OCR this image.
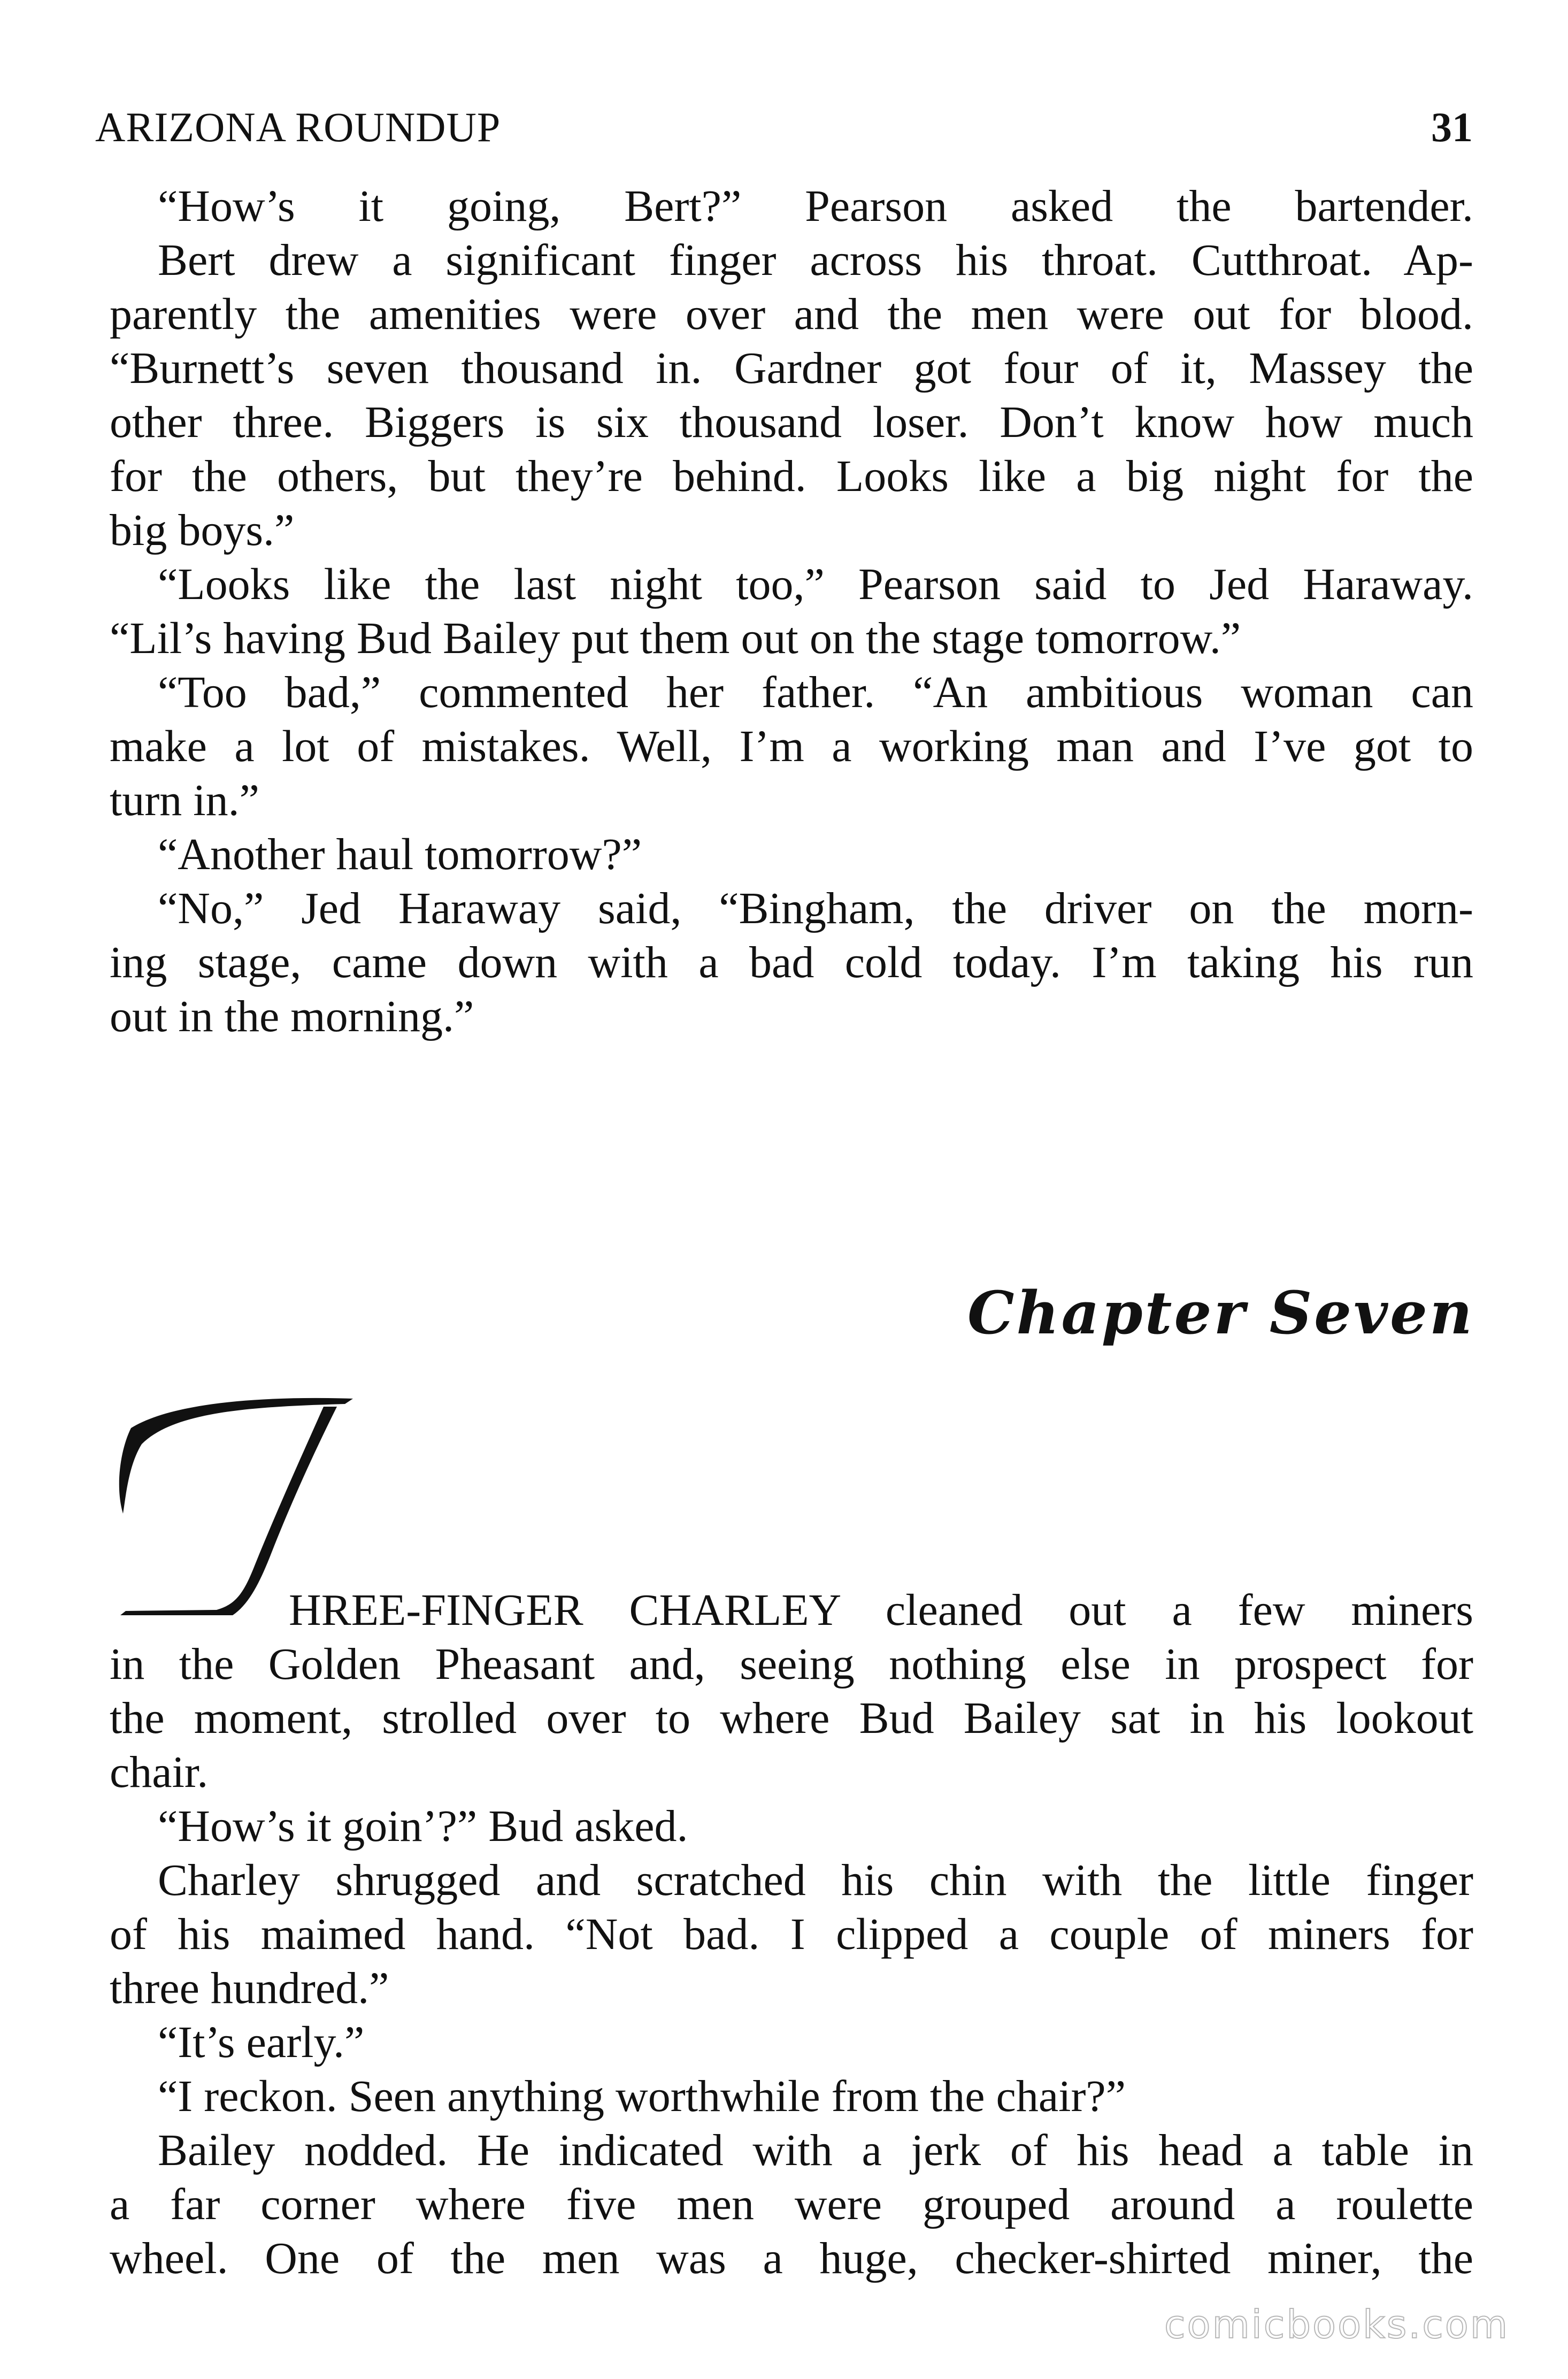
ARIZONA ROUNDUP	31
“How’s it going, Bert?” Pearson asked the bartender.
Bert drew a significant finger across his throat. Cutthroat. Ap-
parently the amenities were over and the men were out for blood.
“Burnett’s seven thousand in. Gardner got four of it, Massey the
other three. Biggers is six thousand loser. Don’t know how much
for the others, but they’re behind. Looks like a big night for the
big boys.”
“Looks like the last night too,” Pearson said to Jed Haraway.
“Lil’s having Bud Bailey put them out on the stage tomorrow.”
“Too bad,” commented her father. “An ambitious woman can
make a lot of mistakes. Well, I’m a working man and I’ve got to
turn in.”
“Another haul tomorrow?”
“No,” Jed Haraway said, “Bingham, the driver on the morn-
ing stage, came down with a bad cold today. I’m taking his run
out in the morning.”
Chapter Seven
HREE-FINGER CHARLEY cleaned out a few miners
in the Golden Pheasant and, seeing nothing else in prospect for
the moment, strolled over to where Bud Bailey sat in his lookout
chair.
“How’s it goin’?” Bud asked.
Charley shrugged and scratched his chin with the little finger
of his maimed hand. “Not bad. I clipped a couple of miners for
three hundred.”
“It’s early.”
“I reckon. Seen anything worthwhile from the chair?”
Bailey nodded. He indicated with a jerk of his head a table in
a far corner where five men were grouped around a roulette
wheel. One of the men was a huge, checker-shirted miner, the
comicbooks.com
